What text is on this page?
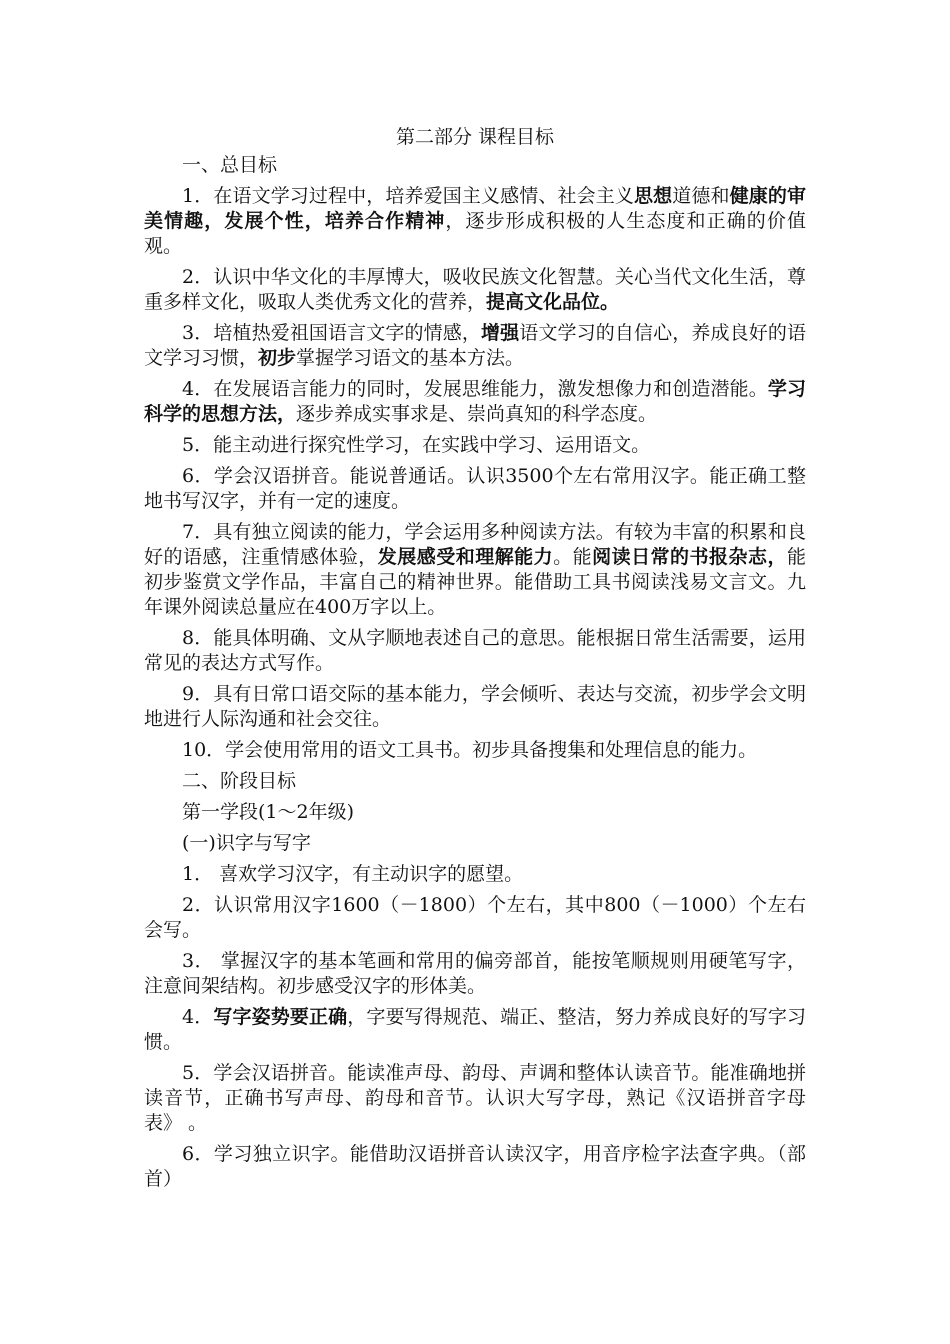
第二部分 课程目标
一、总目标
1．在语文学习过程中，培养爱国主义感情、社会主义思想道德和健康的审美情趣，发展个性，培养合作精神，逐步形成积极的人生态度和正确的价值观。
2．认识中华文化的丰厚博大，吸收民族文化智慧。关心当代文化生活，尊重多样文化，吸取人类优秀文化的营养，提高文化品位。
3．培植热爱祖国语言文字的情感，增强语文学习的自信心，养成良好的语文学习习惯，初步掌握学习语文的基本方法。
4．在发展语言能力的同时，发展思维能力，激发想像力和创造潜能。学习科学的思想方法，逐步养成实事求是、崇尚真知的科学态度。
5．能主动进行探究性学习，在实践中学习、运用语文。
6．学会汉语拼音。能说普通话。认识3500个左右常用汉字。能正确工整地书写汉字，并有一定的速度。
7．具有独立阅读的能力，学会运用多种阅读方法。有较为丰富的积累和良好的语感，注重情感体验，发展感受和理解能力。能阅读日常的书报杂志，能初步鉴赏文学作品，丰富自己的精神世界。能借助工具书阅读浅易文言文。九年课外阅读总量应在400万字以上。
8．能具体明确、文从字顺地表述自己的意思。能根据日常生活需要，运用常见的表达方式写作。
9．具有日常口语交际的基本能力，学会倾听、表达与交流，初步学会文明地进行人际沟通和社会交往。
10．学会使用常用的语文工具书。初步具备搜集和处理信息的能力。
二、阶段目标
第一学段(1～2年级)
(一)识字与写字
1． 喜欢学习汉字，有主动识字的愿望。
2．认识常用汉字1600（－1800）个左右，其中800（－1000）个左右会写。
3． 掌握汉字的基本笔画和常用的偏旁部首，能按笔顺规则用硬笔写字，注意间架结构。初步感受汉字的形体美。
4．写字姿势要正确，字要写得规范、端正、整洁，努力养成良好的写字习惯。
5．学会汉语拼音。能读准声母、韵母、声调和整体认读音节。能准确地拼读音节，正确书写声母、韵母和音节。认识大写字母，熟记《汉语拼音字母表》 。
6．学习独立识字。能借助汉语拼音认读汉字，用音序检字法查字典。（部首）
